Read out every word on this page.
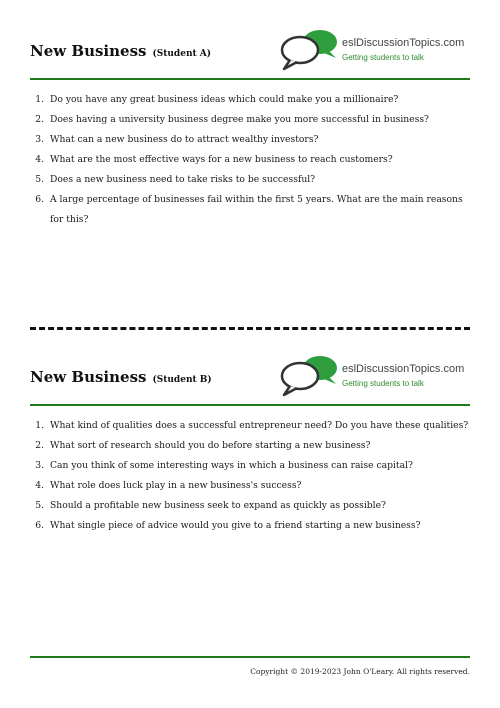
New Business (Student A)
eslDiscussionTopics.com
Getting students to talk
1. Do you have any great business ideas which could make you a millionaire?
2. Does having a university business degree make you more successful in business?
3. What can a new business do to attract wealthy investors?
4. What are the most effective ways for a new business to reach customers?
5. Does a new business need to take risks to be successful?
6. A large percentage of businesses fail within the first 5 years. What are the main reasons for this?
New Business (Student B)
eslDiscussionTopics.com
Getting students to talk
1. What kind of qualities does a successful entrepreneur need? Do you have these qualities?
2. What sort of research should you do before starting a new business?
3. Can you think of some interesting ways in which a business can raise capital?
4. What role does luck play in a new business's success?
5. Should a profitable new business seek to expand as quickly as possible?
6. What single piece of advice would you give to a friend starting a new business?
Copyright © 2019-2023 John O'Leary. All rights reserved.
